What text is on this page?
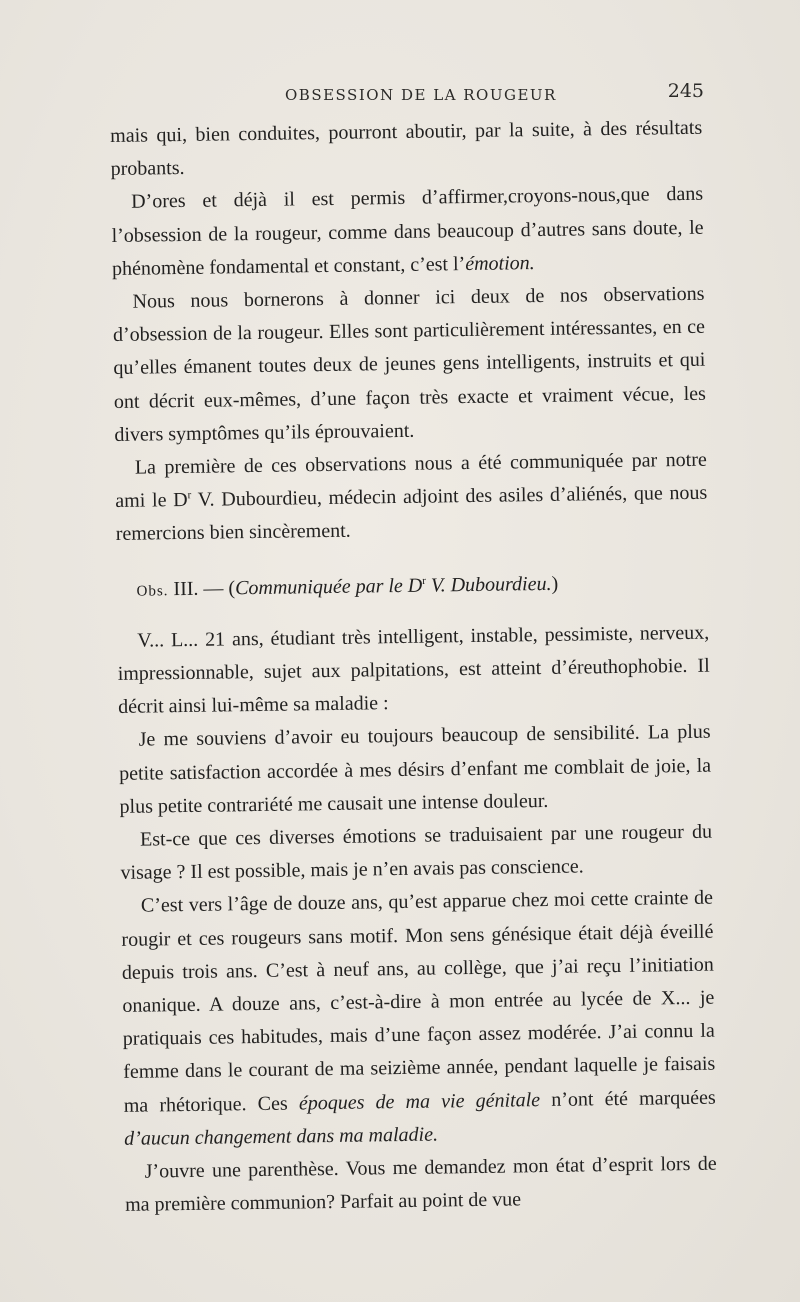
OBSESSION DE LA ROUGEUR	245

mais qui, bien conduites, pourront aboutir, par la suite, à des résultats probants.

D’ores et déjà il est permis d’affirmer,croyons-nous,que dans l’obsession de la rougeur, comme dans beaucoup d’autres sans doute, le phénomène fondamental et constant, c’est l’émotion.

Nous nous bornerons à donner ici deux de nos observations d’obsession de la rougeur. Elles sont particulièrement intéressantes, en ce qu’elles émanent toutes deux de jeunes gens intelligents, instruits et qui ont décrit eux-mêmes, d’une façon très exacte et vraiment vécue, les divers symptômes qu’ils éprouvaient.

La première de ces observations nous a été communiquée par notre ami le $D^r$ V. Dubourdieu, médecin adjoint des asiles d’aliénés, que nous remercions bien sincèrement.

Obs. III. — (Communiquée par le $D^r$ V. Dubourdieu.)

V... L... 21 ans, étudiant très intelligent, instable, pessimiste, nerveux, impressionnable, sujet aux palpitations, est atteint d’éreuthophobie. Il décrit ainsi lui-même sa maladie :

Je me souviens d’avoir eu toujours beaucoup de sensibilité. La plus petite satisfaction accordée à mes désirs d’enfant me comblait de joie, la plus petite contrariété me causait une intense douleur.

Est-ce que ces diverses émotions se traduisaient par une rougeur du visage ? Il est possible, mais je n’en avais pas conscience.

C’est vers l’âge de douze ans, qu’est apparue chez moi cette crainte de rougir et ces rougeurs sans motif. Mon sens génésique était déjà éveillé depuis trois ans. C’est à neuf ans, au collège, que j’ai reçu l’initiation onanique. A douze ans, c’est-à-dire à mon entrée au lycée de X... je pratiquais ces habitudes, mais d’une façon assez modérée. J’ai connu la femme dans le courant de ma seizième année, pendant laquelle je faisais ma rhétorique. Ces époques de ma vie génitale n’ont été marquées d’aucun changement dans ma maladie.

J’ouvre une parenthèse. Vous me demandez mon état d’esprit lors de ma première communion? Parfait au point de vue
